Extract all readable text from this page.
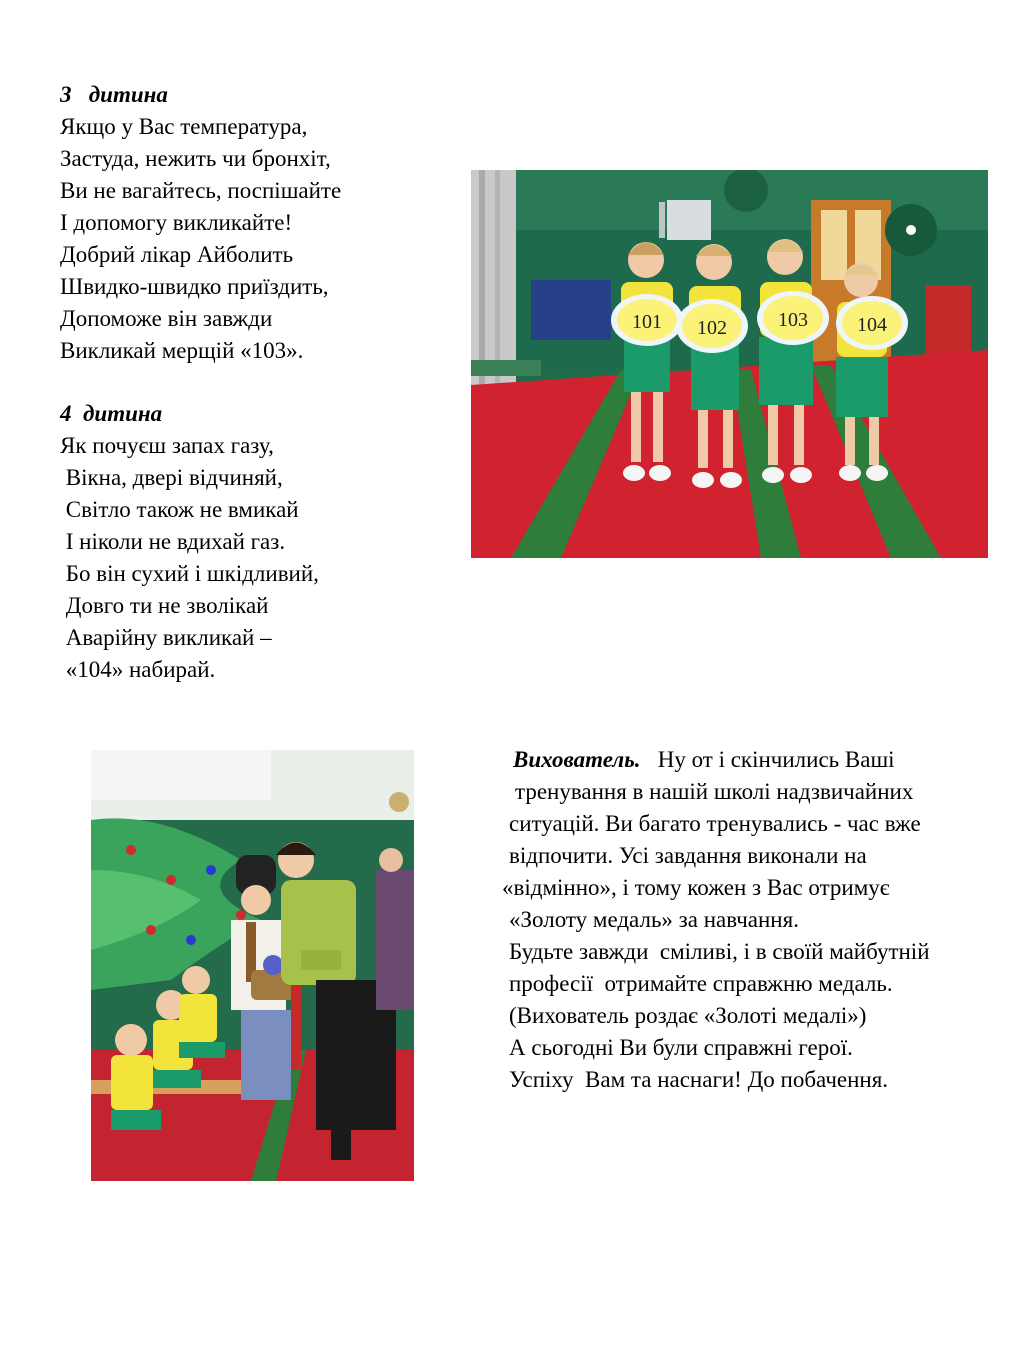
3   дитина
Якщо у Вас температура,
Застуда, нежить чи бронхіт,
Ви не вагайтесь, поспішайте
І допомогу викликайте!
Добрий лікар Айболить
Швидко-швидко приїздить,
Допоможе він завжди
Викликай мерщій «103».
4  дитина
Як почуєш запах газу,
Вікна, двері відчиняй,
Світло також не вмикай
І ніколи не вдихай газ.
Бо він сухий і шкідливий,
Довго ти не зволікай
Аварійну викликай –
«104» набирай.
101 102	103 104
Вихователь. Ну от і скінчились Ваші
тренування в нашій школі надзвичайних
ситуацій. Ви багато тренувались - час вже
відпочити. Усі завдання виконали на
«відмінно», і тому кожен з Вас отримує
«Золоту медаль» за навчання.
Будьте завжди  сміливі, і в своїй майбутній
професії  отримайте справжню медаль.
(Вихователь роздає «Золоті медалі»)
А сьогодні Ви були справжні герої.
Успіху  Вам та наснаги! До побачення.
